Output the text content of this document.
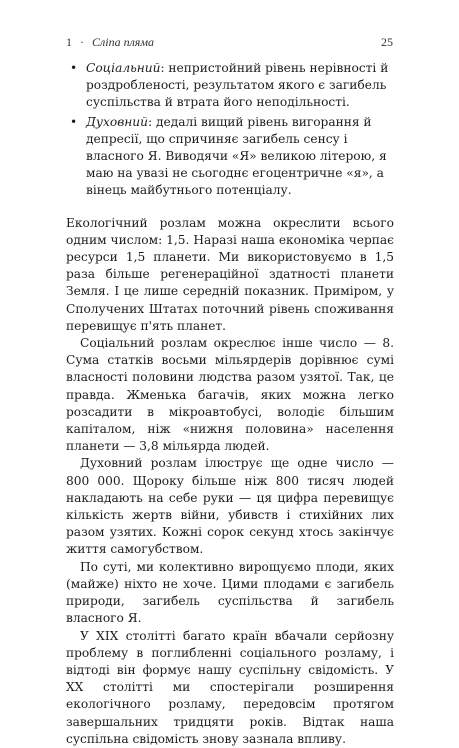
1 · Сліпа пляма	25
• Соціальний: непристойний рівень нерівності й роздробленості, результатом якого є загибель суспільства й втрата його неподільності.
• Духовний: дедалі вищий рівень вигорання й депресії, що спричиняє загибель сенсу і власного Я. Виводячи «Я» великою літерою, я маю на увазі не сьогоднє егоцентричне «я», а вінець майбутнього потенціалу.

Екологічний розлам можна окреслити всього одним числом: 1,5. Наразі наша економіка черпає ресурси 1,5 планети. Ми використовуємо в 1,5 раза більше регенераційної здатності планети Земля. І це лише середній показник. Приміром, у Сполучених Штатах поточний рівень споживання перевищує п'ять планет.

Соціальний розлам окреслює інше число — 8. Сума статків восьми мільярдерів дорівнює сумі власності половини людства разом узятої. Так, це правда. Жменька багачів, яких можна легко розсадити в мікроавтобусі, володіє більшим капіталом, ніж «нижня половина» населення планети — 3,8 мільярда людей.

Духовний розлам ілюструє ще одне число — 800 000. Щороку більше ніж 800 тисяч людей накладають на себе руки — ця цифра перевищує кількість жертв війни, убивств і стихійних лих разом узятих. Кожні сорок секунд хтось закінчує життя самогубством.

По суті, ми колективно вирощуємо плоди, яких (майже) ніхто не хоче. Цими плодами є загибель природи, загибель суспільства й загибель власного Я.

У XIX столітті багато країн вбачали серйозну проблему в поглибленні соціального розламу, і відтоді він формує нашу суспільну свідомість. У XX столітті ми спостерігали розширення екологічного розламу, передовсім протягом завершальних тридцяти років. Відтак наша суспільна свідомість знову зазнала впливу.
